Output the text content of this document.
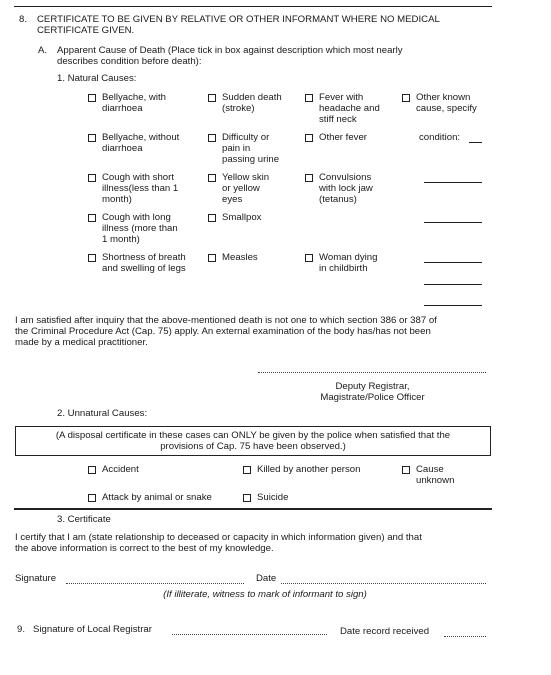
8. CERTIFICATE TO BE GIVEN BY RELATIVE OR OTHER INFORMANT WHERE NO MEDICAL
CERTIFICATE GIVEN.
A. Apparent Cause of Death (Place tick in box against description which most nearly
describes condition before death):
1. Natural Causes:
Bellyache, with
diarrhoea
Sudden death
(stroke)
Fever with
headache and
stiff neck
Other known
cause, specify
Bellyache, without
diarrhoea
Difficulty or
pain in
passing urine
Other fever	condition:
Cough with short
illness(less than 1
month)
Yellow skin
or yellow
eyes
Convulsions
with lock jaw
(tetanus)
Cough with long
illness (more than
1 month)
Smallpox
Shortness of breath
and swelling of legs
Measles	Woman dying
in childbirth
I am satisfied after inquiry that the above-mentioned death is not one to which section 386 or 387 of
the Criminal Procedure Act (Cap. 75) apply. An external examination of the body has/has not been
made by a medical practitioner.
Deputy Registrar,
Magistrate/Police Officer
2. Unnatural Causes:
(A disposal certificate in these cases can ONLY be given by the police when satisfied that the
provisions of Cap. 75 have been observed.)
Accident	Killed by another person	Cause
unknown
Attack by animal or snake	Suicide
3. Certificate
I certify that I am (state relationship to deceased or capacity in which information given) and that
the above information is correct to the best of my knowledge.
Signature	Date
(If illiterate, witness to mark of informant to sign)
9. Signature of Local Registrar	Date record received
